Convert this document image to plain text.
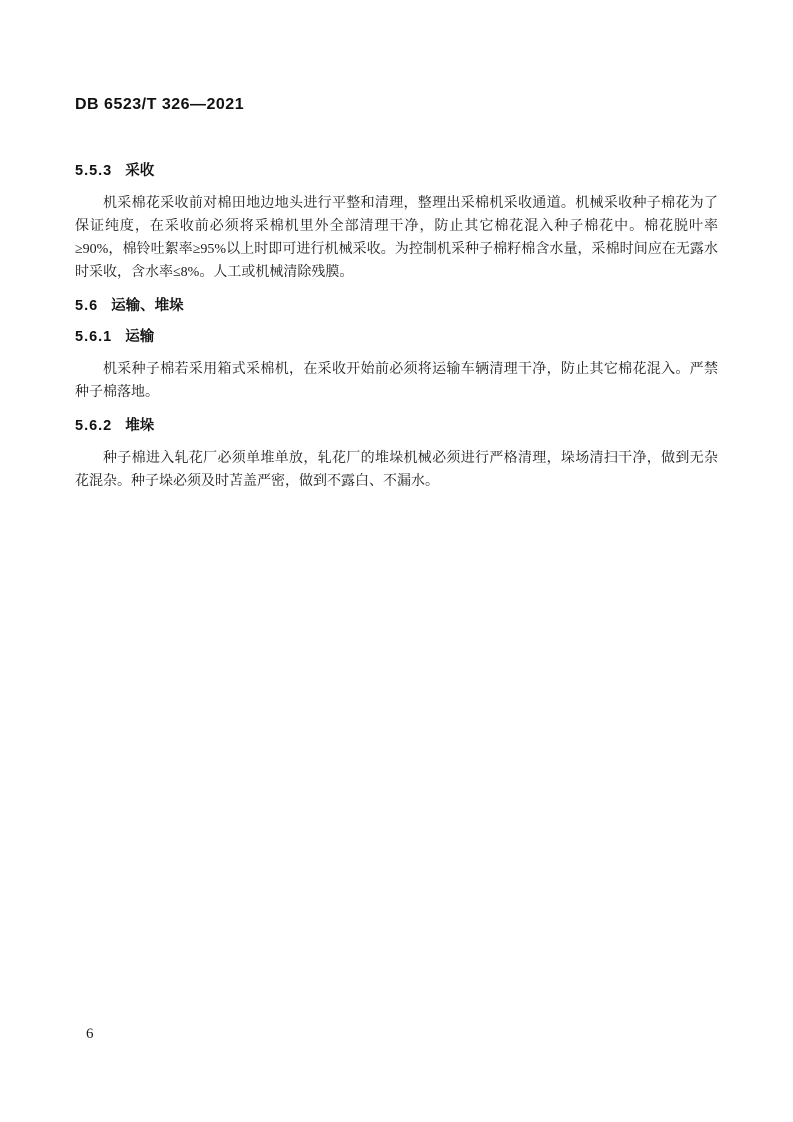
DB 6523/T 326—2021
5.5.3 采收

机采棉花采收前对棉田地边地头进行平整和清理，整理出采棉机采收通道。机械采收种子棉花为了保证纯度，在采收前必须将采棉机里外全部清理干净，防止其它棉花混入种子棉花中。棉花脱叶率≥90%，棉铃吐絮率≥95%以上时即可进行机械采收。为控制机采种子棉籽棉含水量，采棉时间应在无露水时采收，含水率≤8%。人工或机械清除残膜。

5.6 运输、堆垛
5.6.1 运输

机采种子棉若采用箱式采棉机，在采收开始前必须将运输车辆清理干净，防止其它棉花混入。严禁种子棉落地。

5.6.2 堆垛

种子棉进入轧花厂必须单堆单放，轧花厂的堆垛机械必须进行严格清理，垛场清扫干净，做到无杂花混杂。种子垛必须及时苫盖严密，做到不露白、不漏水。

6
